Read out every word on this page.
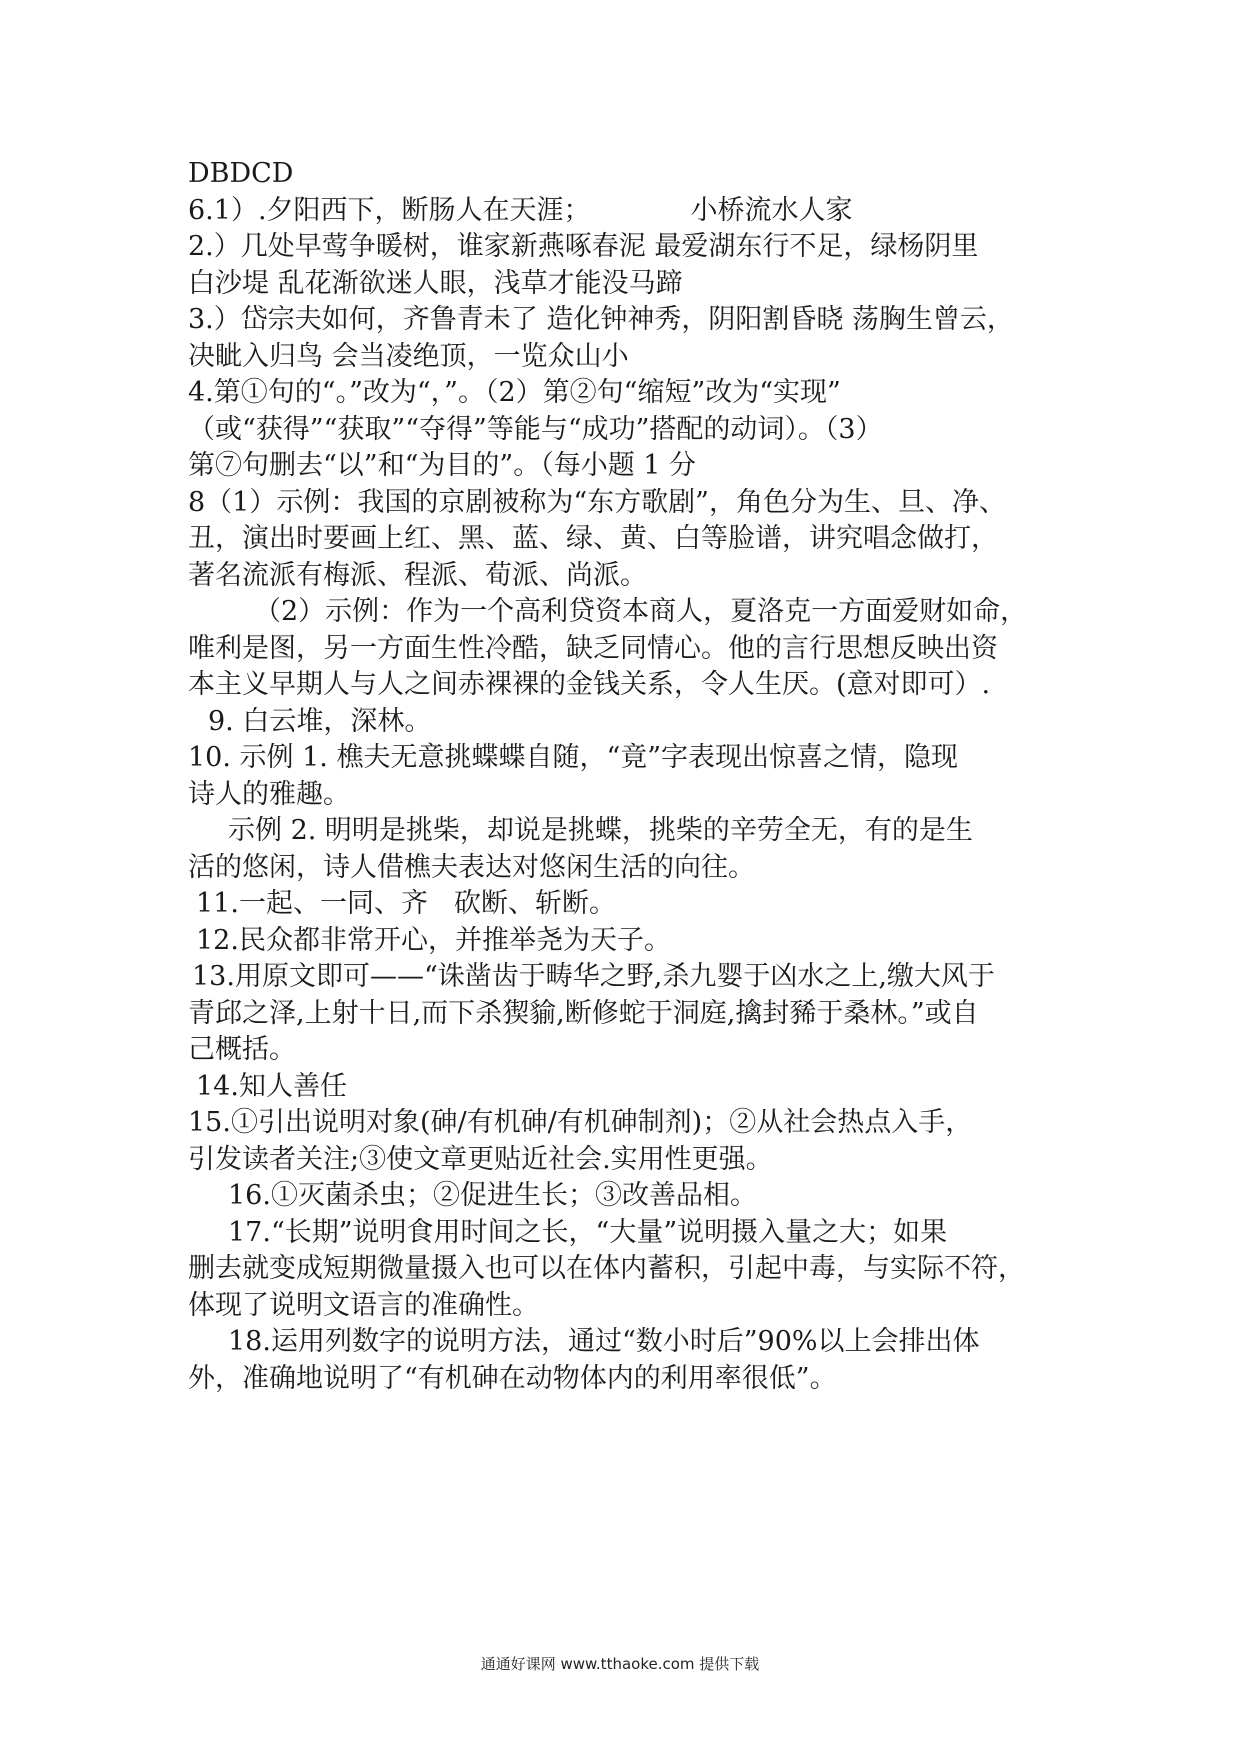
DBDCD
6.1）.夕阳西下，断肠人在天涯；	小桥流水人家
2.）几处早莺争暖树，谁家新燕啄春泥 最爱湖东行不足，绿杨阴里
白沙堤 乱花渐欲迷人眼，浅草才能没马蹄
3.）岱宗夫如何，齐鲁青未了 造化钟神秀，阴阳割昏晓 荡胸生曾云，
决眦入归鸟 会当凌绝顶，一览众山小
4.第①句的“。”改为“，”。（2）第②句“缩短”改为“实现”
（或“获得”“获取”“夺得”等能与“成功”搭配的动词）。（3）
第⑦句删去“以”和“为目的”。（每小题 1 分
8（1）示例：我国的京剧被称为“东方歌剧”，角色分为生、旦、净、
丑，演出时要画上红、黑、蓝、绿、黄、白等脸谱，讲究唱念做打，
著名流派有梅派、程派、荀派、尚派。
（2）示例：作为一个高利贷资本商人，夏洛克一方面爱财如命，
唯利是图，另一方面生性冷酷，缺乏同情心。他的言行思想反映出资
本主义早期人与人之间赤裸裸的金钱关系，令人生厌。(意对即可）.
9. 白云堆，深林。
10. 示例 1. 樵夫无意挑蝶蝶自随，“竟”字表现出惊喜之情，隐现
诗人的雅趣。
示例 2. 明明是挑柴，却说是挑蝶，挑柴的辛劳全无，有的是生
活的悠闲，诗人借樵夫表达对悠闲生活的向往。
11.一起、一同、齐 砍断、斩断。
12.民众都非常开心，并推举尧为天子。
13.用原文即可——“诛凿齿于畴华之野,杀九婴于凶水之上,缴大风于
青邱之泽,上射十日,而下杀猰貐,断修蛇于洞庭,擒封豨于桑林。”或自
己概括。
14.知人善任
15.①引出说明对象(砷/有机砷/有机砷制剂)；②从社会热点入手，
引发读者关注;③使文章更贴近社会.实用性更强。
16.①灭菌杀虫；②促进生长；③改善品相。
17.“长期”说明食用时间之长，“大量”说明摄入量之大；如果
删去就变成短期微量摄入也可以在体内蓄积，引起中毒，与实际不符，
体现了说明文语言的准确性。
18.运用列数字的说明方法，通过“数小时后”90%以上会排出体
外，准确地说明了“有机砷在动物体内的利用率很低”。
通通好课网 www.tthaoke.com 提供下载
